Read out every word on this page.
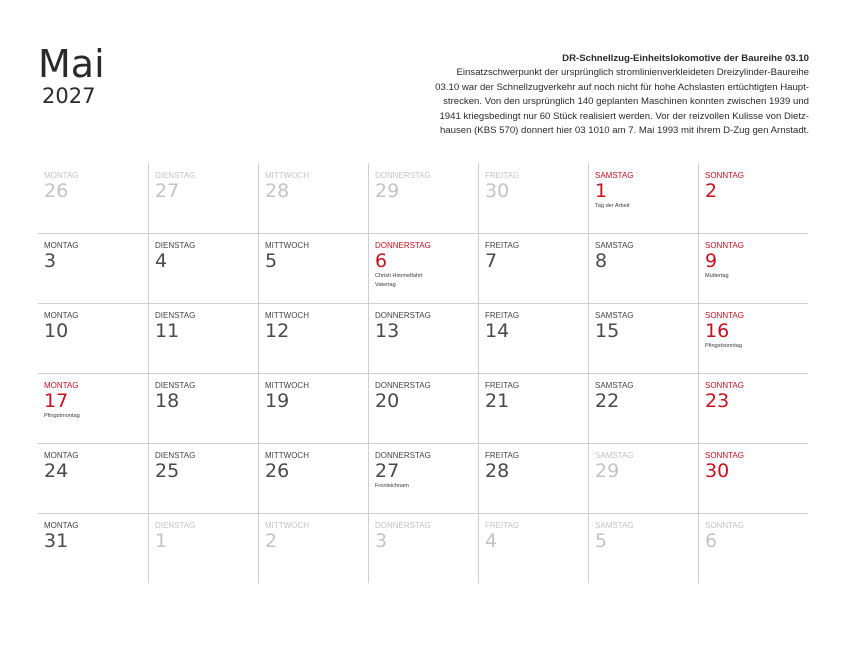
Mai
2027
DR-Schnellzug-Einheitslokomotive der Baureihe 03.10
Einsatzschwerpunkt der ursprünglich stromlinienverkleideten Dreizylinder-Baureihe
03.10 war der Schnellzugverkehr auf noch nicht für hohe Achslasten ertüchtigten Haupt-
strecken. Von den ursprünglich 140 geplanten Maschinen konnten zwischen 1939 und
1941 kriegsbedingt nur 60 Stück realisiert werden. Vor der reizvollen Kulisse von Dietz-
hausen (KBS 570) donnert hier 03 1010 am 7. Mai 1993 mit ihrem D-Zug gen Arnstadt.
MONTAG
26
DIENSTAG
27
MITTWOCH
28
DONNERSTAG
29
FREITAG
30
SAMSTAG
1
Tag der Arbeit
SONNTAG
2
MONTAG
3
DIENSTAG
4
MITTWOCH
5
DONNERSTAG
6
Christi Himmelfahrt
Vatertag
FREITAG
7
SAMSTAG
8
SONNTAG
9
Muttertag
MONTAG
10
DIENSTAG
11
MITTWOCH
12
DONNERSTAG
13
FREITAG
14
SAMSTAG
15
SONNTAG
16
Pfingstsonntag
MONTAG
17
Pfingstmontag
DIENSTAG
18
MITTWOCH
19
DONNERSTAG
20
FREITAG
21
SAMSTAG
22
SONNTAG
23
MONTAG
24
DIENSTAG
25
MITTWOCH
26
DONNERSTAG
27
Fronleichnam
FREITAG
28
SAMSTAG
29
SONNTAG
30
MONTAG
31
DIENSTAG
1
MITTWOCH
2
DONNERSTAG
3
FREITAG
4
SAMSTAG
5
SONNTAG
6
